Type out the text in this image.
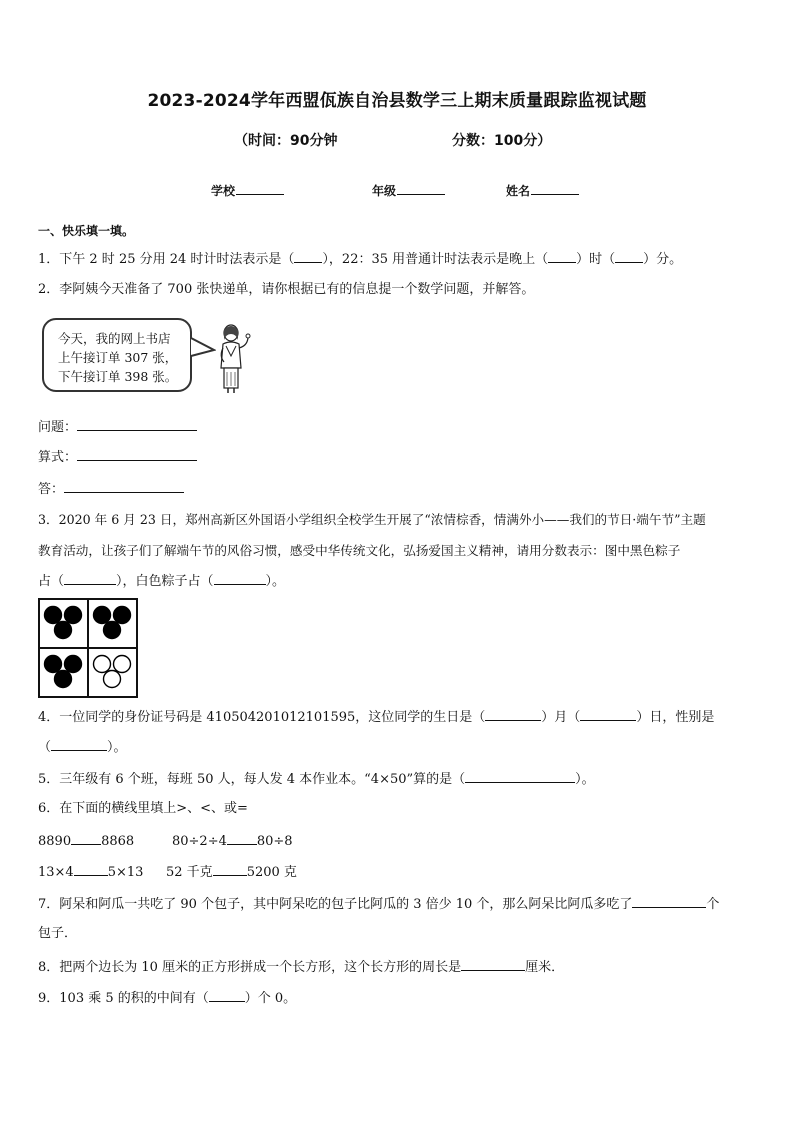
2023-2024学年西盟佤族自治县数学三上期末质量跟踪监视试题
（时间：90分钟	分数：100分）
学校	年级	姓名
一、快乐填一填。
1．下午 2 时 25 分用 24 时计时法表示是（ ），22：35 用普通计时法表示是晚上（ ）时（ ）分。
2．李阿姨今天准备了 700 张快递单，请你根据已有的信息提一个数学问题，并解答。
今天，我的网上书店
上午接订单 307 张，
下午接订单 398 张。
问题：
算式：
答：
3．2020 年 6 月 23 日，郑州高新区外国语小学组织全校学生开展了“浓情棕香，情满外小——我们的节日·端午节”主题
教育活动，让孩子们了解端午节的风俗习惯，感受中华传统文化，弘扬爱国主义精神，请用分数表示：图中黑色粽子
占（	），白色粽子占（	）。
4．一位同学的身份证号码是 410504201012101595，这位同学的生日是（	）月（	）日，性别是
（	）。
5．三年级有 6 个班，每班 50 人，每人发 4 本作业本。“4×50”算的是（	）。
6．在下面的横线里填上>、<、或=
8890 8868	80÷2÷4 80÷8
13×4	5×13 52 千克	5200 克
7．阿呆和阿瓜一共吃了 90 个包子，其中阿呆吃的包子比阿瓜的 3 倍少 10 个，那么阿呆比阿瓜多吃了	个
包子．
8．把两个边长为 10 厘米的正方形拼成一个长方形，这个长方形的周长是	厘米．
9．103 乘 5 的积的中间有（	）个 0。
